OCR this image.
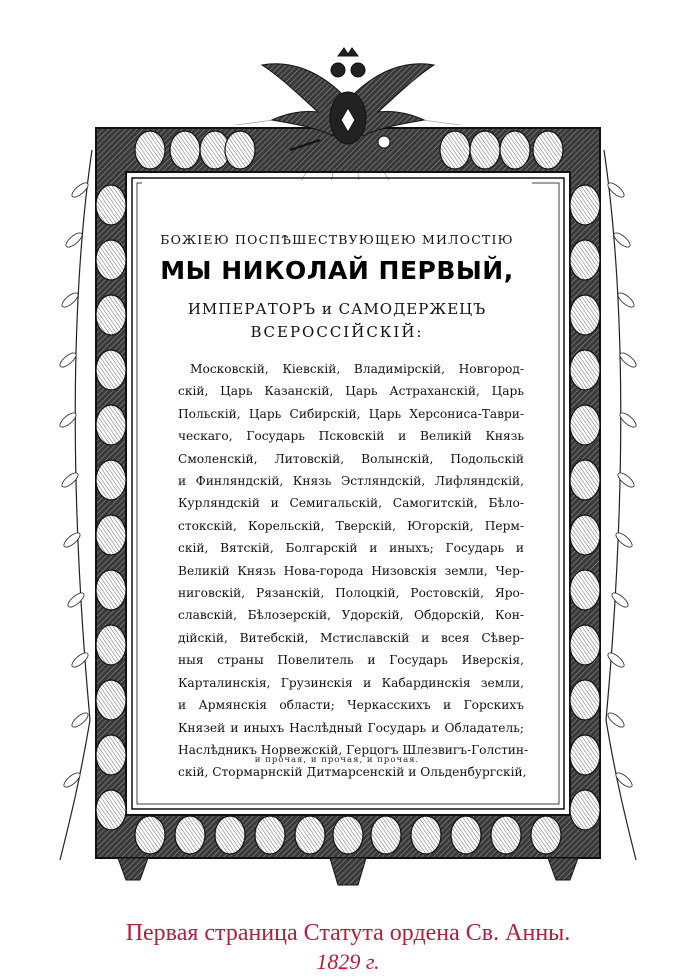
БОЖІЕЮ ПОСПѢШЕСТВУЮЩЕЮ МИЛОСТІЮ
МЫ НИКОЛАЙ ПЕРВЫЙ,
ИМПЕРАТОРЪ и САМОДЕРЖЕЦЪ
ВСЕРОССІЙСКІЙ:
Московскій, Кіевскій, Владимірскій, Новгород-
скій, Царь Казанскій, Царь Астраханскій, Царь
Польскій, Царь Сибирскій, Царь Херсониса-Таври-
ческаго, Государь Псковскій и Великій Князь
Смоленскій, Литовскій, Волынскій, Подольскій
и Финляндскій, Князь Эстляндскій, Лифляндскій,
Курляндскій и Семигальскій, Самогитскій, Бѣло-
стокскій, Корельскій, Тверскій, Югорскій, Перм-
скій, Вятскій, Болгарскій и иныхъ; Государь и
Великій Князь Нова-города Низовскія земли, Чер-
ниговскій, Рязанскій, Полоцкій, Ростовскій, Яро-
славскій, Бѣлозерскій, Удорскій, Обдорскій, Кон-
дійскій, Витебскій, Мстиславскій и всея Сѣвер-
ныя страны Повелитель и Государь Иверскія,
Карталинскія, Грузинскія и Кабардинскія земли,
и Армянскія области; Черкасскихъ и Горскихъ
Князей и иныхъ Наслѣдный Государь и Обладатель;
Наслѣдникъ Норвежскій, Герцогъ Шлезвигъ-Голстин-
скій, Стормарнскій Дитмарсенскій и Ольденбургскій,
и прочая, и прочая, и прочая.
Первая страница Статута ордена Св. Анны.
1829 г.
